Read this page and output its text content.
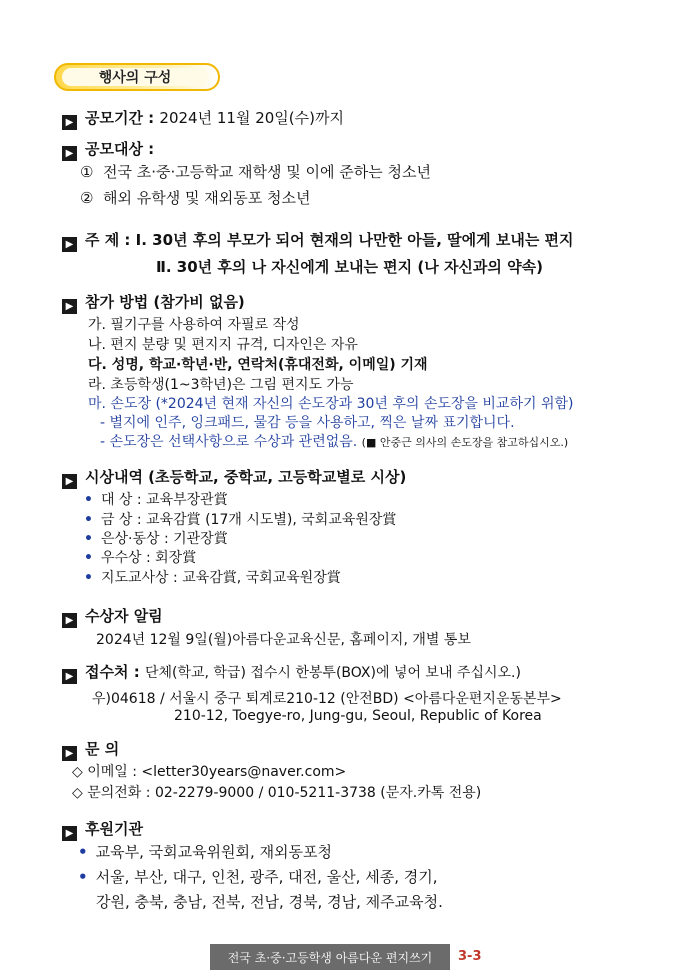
행사의 구성
▶ 공모기간 : 2024년 11월 20일(수)까지
▶ 공모대상 :
① 전국 초·중·고등학교 재학생 및 이에 준하는 청소년
② 해외 유학생 및 재외동포 청소년
▶ 주 제 : Ⅰ. 30년 후의 부모가 되어 현재의 나만한 아들, 딸에게 보내는 편지
Ⅱ. 30년 후의 나 자신에게 보내는 편지 (나 자신과의 약속)
▶ 참가 방법 (참가비 없음)
가. 필기구를 사용하여 자필로 작성
나. 편지 분량 및 편지지 규격, 디자인은 자유
다. 성명, 학교·학년·반, 연락처(휴대전화, 이메일) 기재
라. 초등학생(1~3학년)은 그림 편지도 가능
마. 손도장 (*2024년 현재 자신의 손도장과 30년 후의 손도장을 비교하기 위함)
- 별지에 인주, 잉크패드, 물감 등을 사용하고, 찍은 날짜 표기합니다.
- 손도장은 선택사항으로 수상과 관련없음. (■ 안중근 의사의 손도장을 참고하십시오.)
▶ 시상내역 (초등학교, 중학교, 고등학교별로 시상)
• 대 상 : 교육부장관賞
• 금 상 : 교육감賞 (17개 시도별), 국회교육원장賞
• 은상·동상 : 기관장賞
• 우수상 : 회장賞
• 지도교사상 : 교육감賞, 국회교육원장賞
▶ 수상자 알림
2024년 12월 9일(월)아름다운교육신문, 홈페이지, 개별 통보
▶ 접수처 : 단체(학교, 학급) 접수시 한봉투(BOX)에 넣어 보내 주십시오.)
우)04618 / 서울시 중구 퇴계로210-12 (안전BD) <아름다운편지운동본부>
210-12, Toegye-ro, Jung-gu, Seoul, Republic of Korea
▶ 문 의
◇ 이메일 : <letter30years@naver.com>
◇ 문의전화 : 02-2279-9000 / 010-5211-3738 (문자.카톡 전용)
▶ 후원기관
• 교육부, 국회교육위원회, 재외동포청
• 서울, 부산, 대구, 인천, 광주, 대전, 울산, 세종, 경기,
강원, 충북, 충남, 전북, 전남, 경북, 경남, 제주교육청.
전국 초·중·고등학생 아름다운 편지쓰기	3-3
